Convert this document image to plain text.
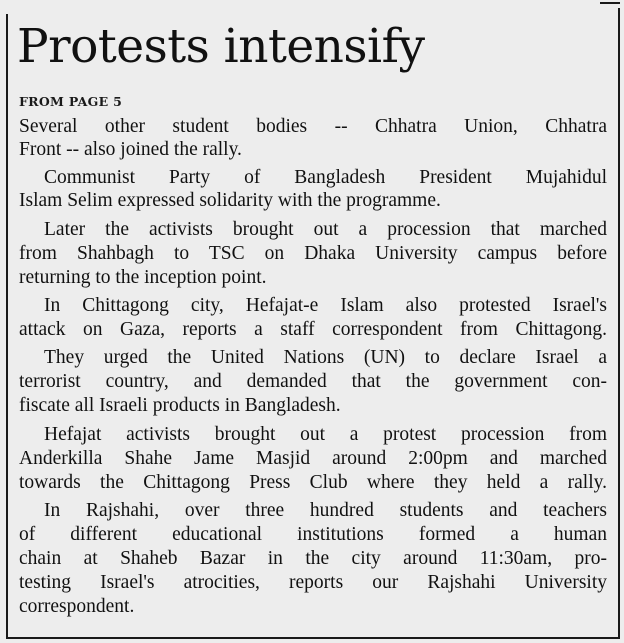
Protests intensify
FROM PAGE 5
Several other student bodies -- Chhatra Union, Chhatra
Front -- also joined the rally.
Communist Party of Bangladesh President Mujahidul
Islam Selim expressed solidarity with the programme.
Later the activists brought out a procession that marched
from Shahbagh to TSC on Dhaka University campus before
returning to the inception point.
In Chittagong city, Hefajat-e Islam also protested Israel's
attack on Gaza, reports a staff correspondent from Chittagong.
They urged the United Nations (UN) to declare Israel a
terrorist country, and demanded that the government con-
fiscate all Israeli products in Bangladesh.
Hefajat activists brought out a protest procession from
Anderkilla Shahe Jame Masjid around 2:00pm and marched
towards the Chittagong Press Club where they held a rally.
In Rajshahi, over three hundred students and teachers
of different educational institutions formed a human
chain at Shaheb Bazar in the city around 11:30am, pro-
testing Israel's atrocities, reports our Rajshahi University
correspondent.
